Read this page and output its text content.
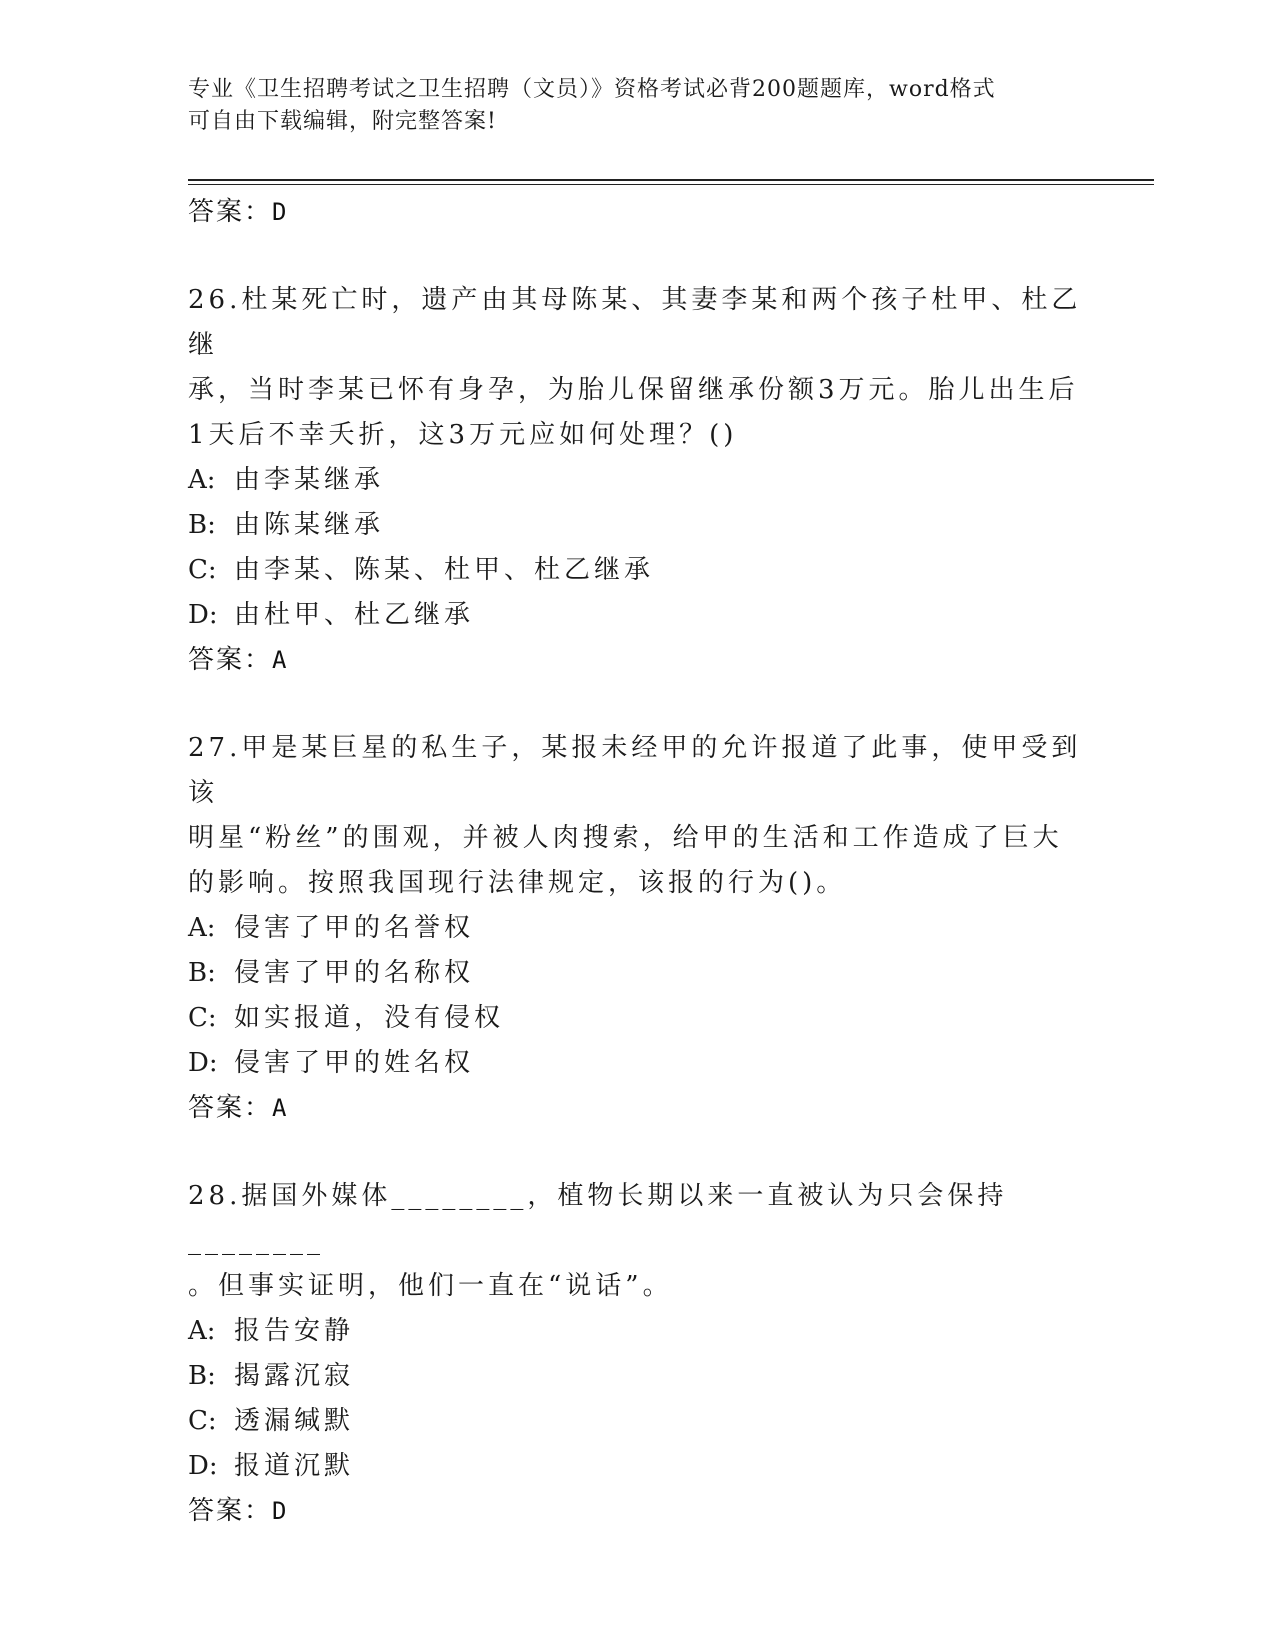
专业《卫生招聘考试之卫生招聘（文员）》资格考试必背200题题库，word格式
可自由下载编辑，附完整答案!
答案：D
26.杜某死亡时，遗产由其母陈某、其妻李某和两个孩子杜甲、杜乙继
承，当时李某已怀有身孕，为胎儿保留继承份额3万元。胎儿出生后
1天后不幸夭折，这3万元应如何处理？()
A: 由李某继承
B: 由陈某继承
C: 由李某、陈某、杜甲、杜乙继承
D: 由杜甲、杜乙继承
答案：A
27.甲是某巨星的私生子，某报未经甲的允许报道了此事，使甲受到该
明星“粉丝”的围观，并被人肉搜索，给甲的生活和工作造成了巨大
的影响。按照我国现行法律规定，该报的行为()。
A: 侵害了甲的名誉权
B: 侵害了甲的名称权
C: 如实报道，没有侵权
D: 侵害了甲的姓名权
答案：A
28.据国外媒体________，植物长期以来一直被认为只会保持________
。但事实证明，他们一直在“说话”。
A: 报告安静
B: 揭露沉寂
C: 透漏缄默
D: 报道沉默
答案：D
